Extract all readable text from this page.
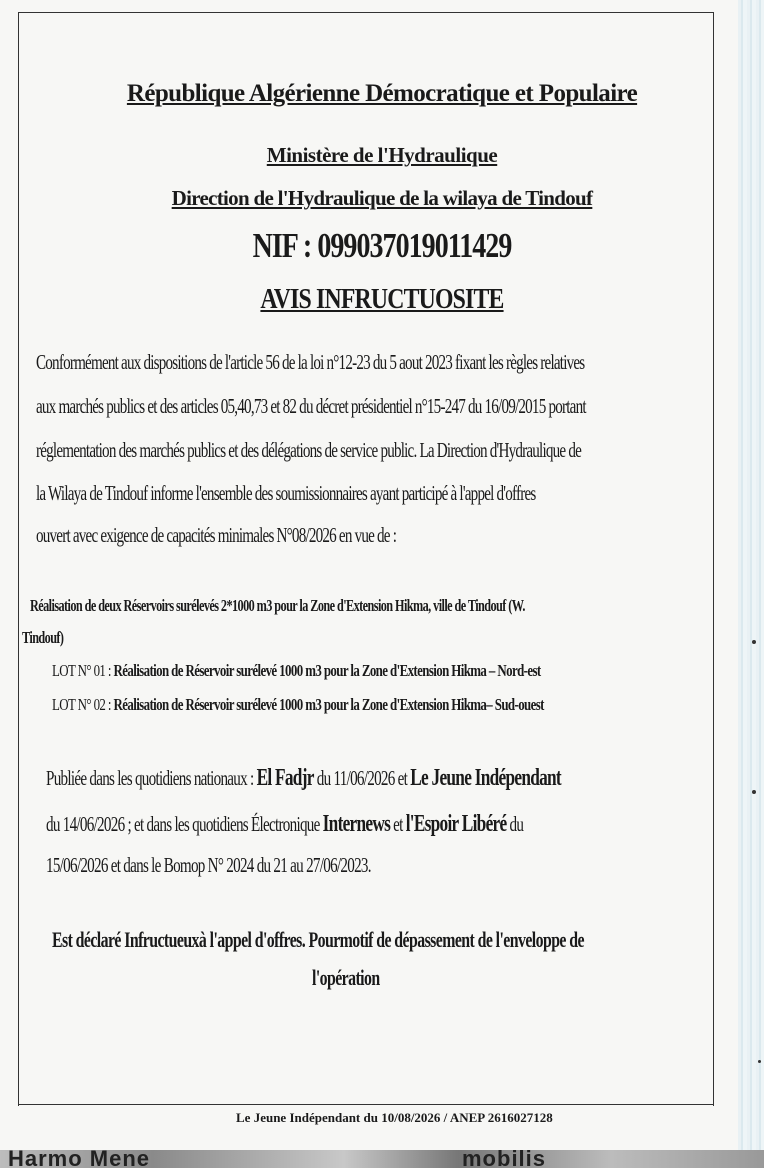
République Algérienne Démocratique et Populaire
Ministère de l'Hydraulique
Direction de l'Hydraulique de la wilaya de Tindouf
NIF : 099037019011429
AVIS INFRUCTUOSITE
Conformément aux dispositions de l'article 56 de la loi n°12-23 du 5 aout 2023 fixant les règles relatives
aux marchés publics et des articles 05,40,73 et 82 du décret présidentiel n°15-247 du 16/09/2015 portant
réglementation des marchés publics et des délégations de service public. La Direction d'Hydraulique de
la Wilaya de Tindouf informe l'ensemble des soumissionnaires ayant participé à l'appel d'offres
ouvert avec exigence de capacités minimales N°08/2026 en vue de :
Réalisation de deux Réservoirs surélevés 2*1000 m3 pour la Zone d'Extension Hikma, ville de Tindouf (W.
Tindouf)
LOT N° 01 : Réalisation de Réservoir surélevé 1000 m3 pour la Zone d'Extension Hikma – Nord-est
LOT N° 02 : Réalisation de Réservoir surélevé 1000 m3 pour la Zone d'Extension Hikma– Sud-ouest
Publiée dans les quotidiens nationaux : El Fadjr du 11/06/2026 et Le Jeune Indépendant
du 14/06/2026 ; et dans les quotidiens Électronique Internews et l'Espoir Libéré du
15/06/2026 et dans le Bomop N° 2024 du 21 au 27/06/2023.
Est déclaré Infructueuxà l'appel d'offres. Pourmotif de dépassement de l'enveloppe de
l'opération
Le Jeune Indépendant du 10/08/2026 / ANEP 2616027128
Harmo Mene	mobilis
